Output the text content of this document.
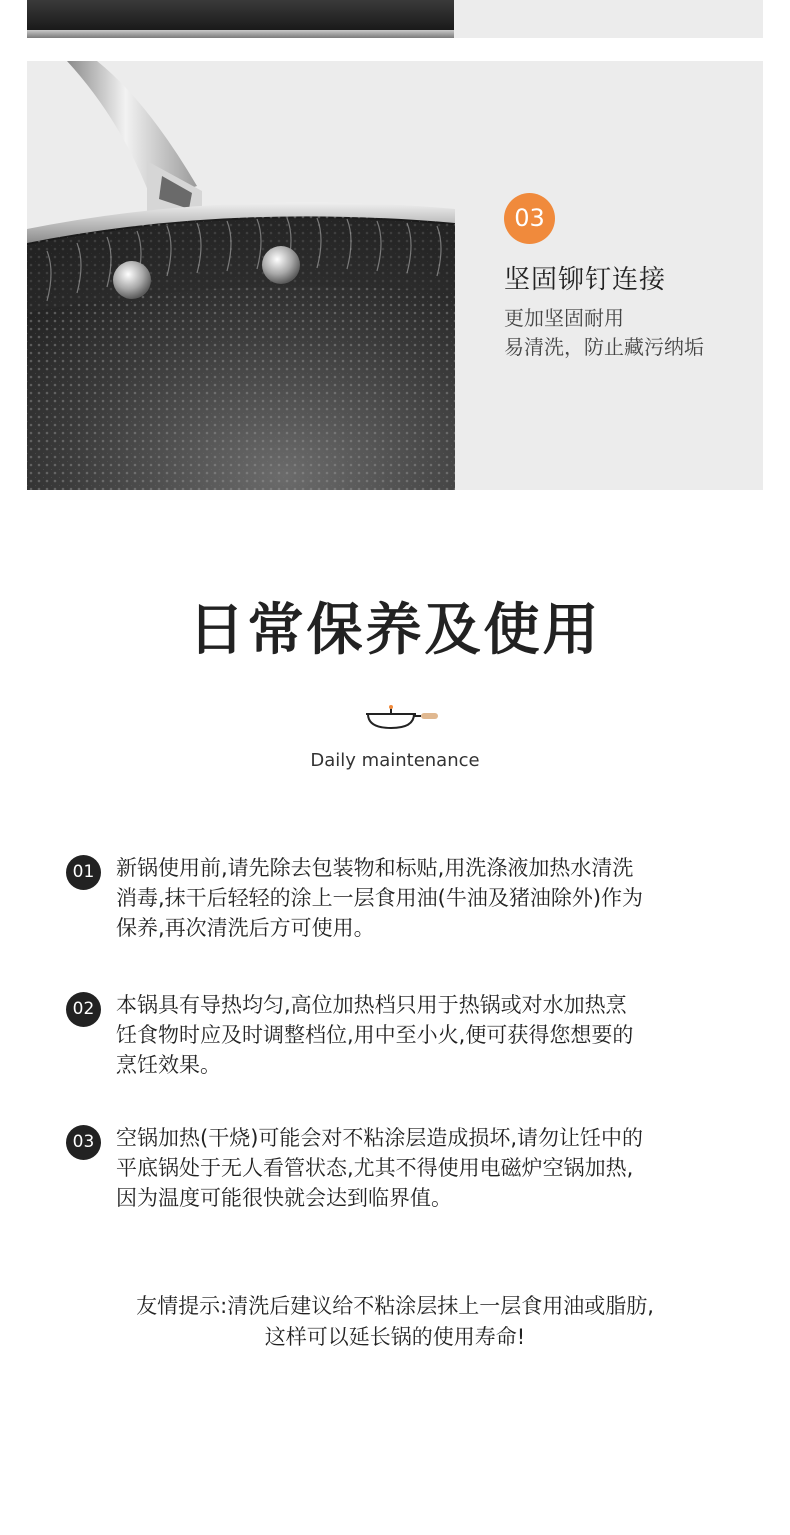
03
坚固铆钉连接
更加坚固耐用
易清洗，防止藏污纳垢
日常保养及使用
Daily maintenance
01	新锅使用前,请先除去包装物和标贴,用洗涤液加热水清洗
消毒,抹干后轻轻的涂上一层食用油(牛油及猪油除外)作为
保养,再次清洗后方可使用。
02	本锅具有导热均匀,高位加热档只用于热锅或对水加热烹
饪食物时应及时调整档位,用中至小火,便可获得您想要的
烹饪效果。
03	空锅加热(干烧)可能会对不粘涂层造成损坏,请勿让饪中的
平底锅处于无人看管状态,尤其不得使用电磁炉空锅加热,
因为温度可能很快就会达到临界值。
友情提示:清洗后建议给不粘涂层抹上一层食用油或脂肪,
这样可以延长锅的使用寿命!
